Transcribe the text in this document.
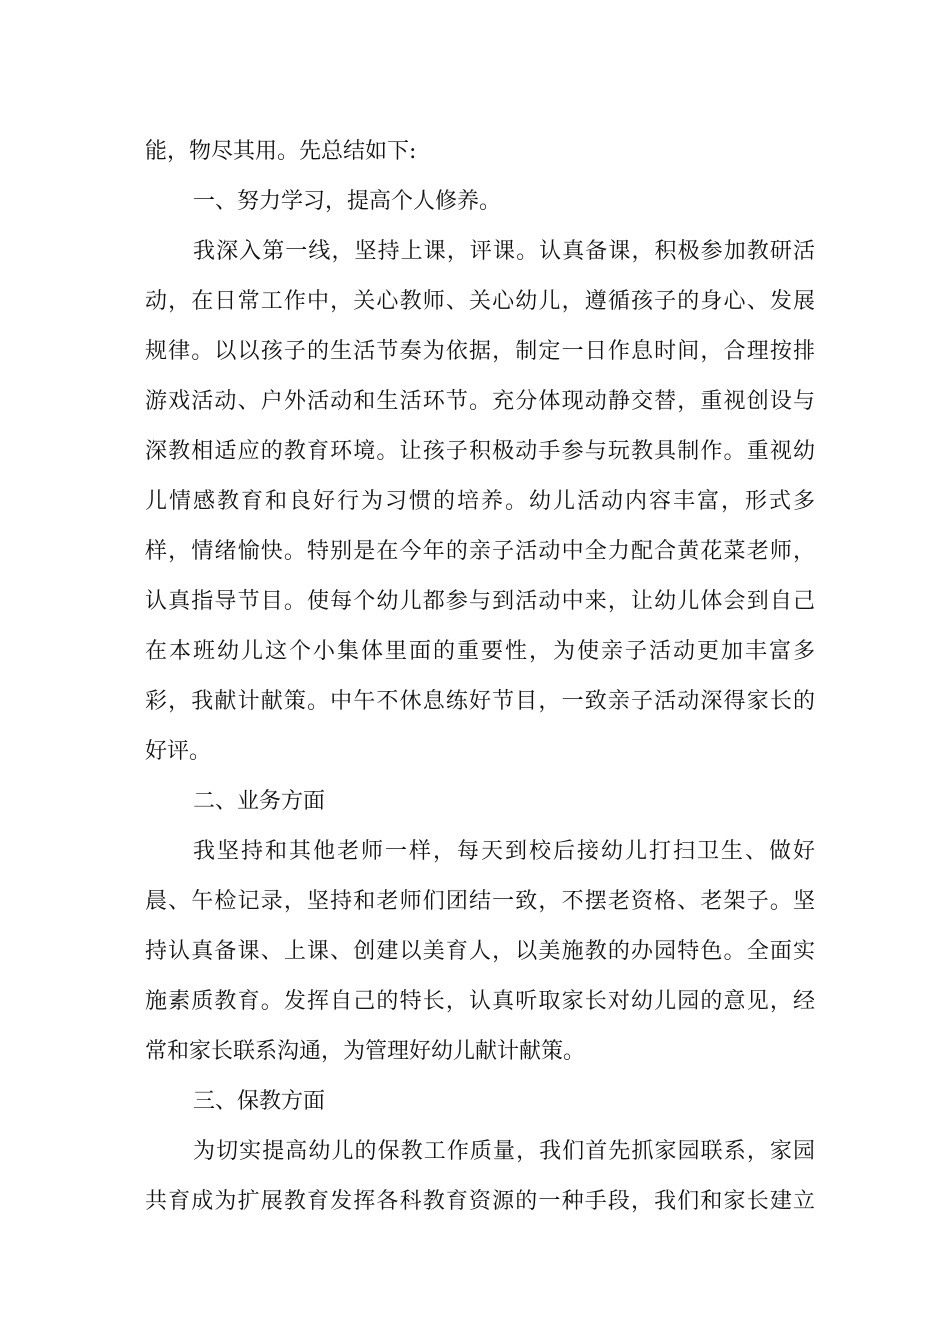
能，物尽其用。先总结如下:
一、努力学习，提高个人修养。
我深入第一线，坚持上课，评课。认真备课，积极参加教研活
动，在日常工作中，关心教师、关心幼儿，遵循孩子的身心、发展
规律。以以孩子的生活节奏为依据，制定一日作息时间，合理按排
游戏活动、户外活动和生活环节。充分体现动静交替，重视创设与
深教相适应的教育环境。让孩子积极动手参与玩教具制作。重视幼
儿情感教育和良好行为习惯的培养。幼儿活动内容丰富，形式多
样，情绪愉快。特别是在今年的亲子活动中全力配合黄花菜老师，
认真指导节目。使每个幼儿都参与到活动中来，让幼儿体会到自己
在本班幼儿这个小集体里面的重要性，为使亲子活动更加丰富多
彩，我献计献策。中午不休息练好节目，一致亲子活动深得家长的
好评。
二、业务方面
我坚持和其他老师一样，每天到校后接幼儿打扫卫生、做好
晨、午检记录，坚持和老师们团结一致，不摆老资格、老架子。坚
持认真备课、上课、创建以美育人，以美施教的办园特色。全面实
施素质教育。发挥自己的特长，认真听取家长对幼儿园的意见，经
常和家长联系沟通，为管理好幼儿献计献策。
三、保教方面
为切实提高幼儿的保教工作质量，我们首先抓家园联系，家园
共育成为扩展教育发挥各科教育资源的一种手段，我们和家长建立
